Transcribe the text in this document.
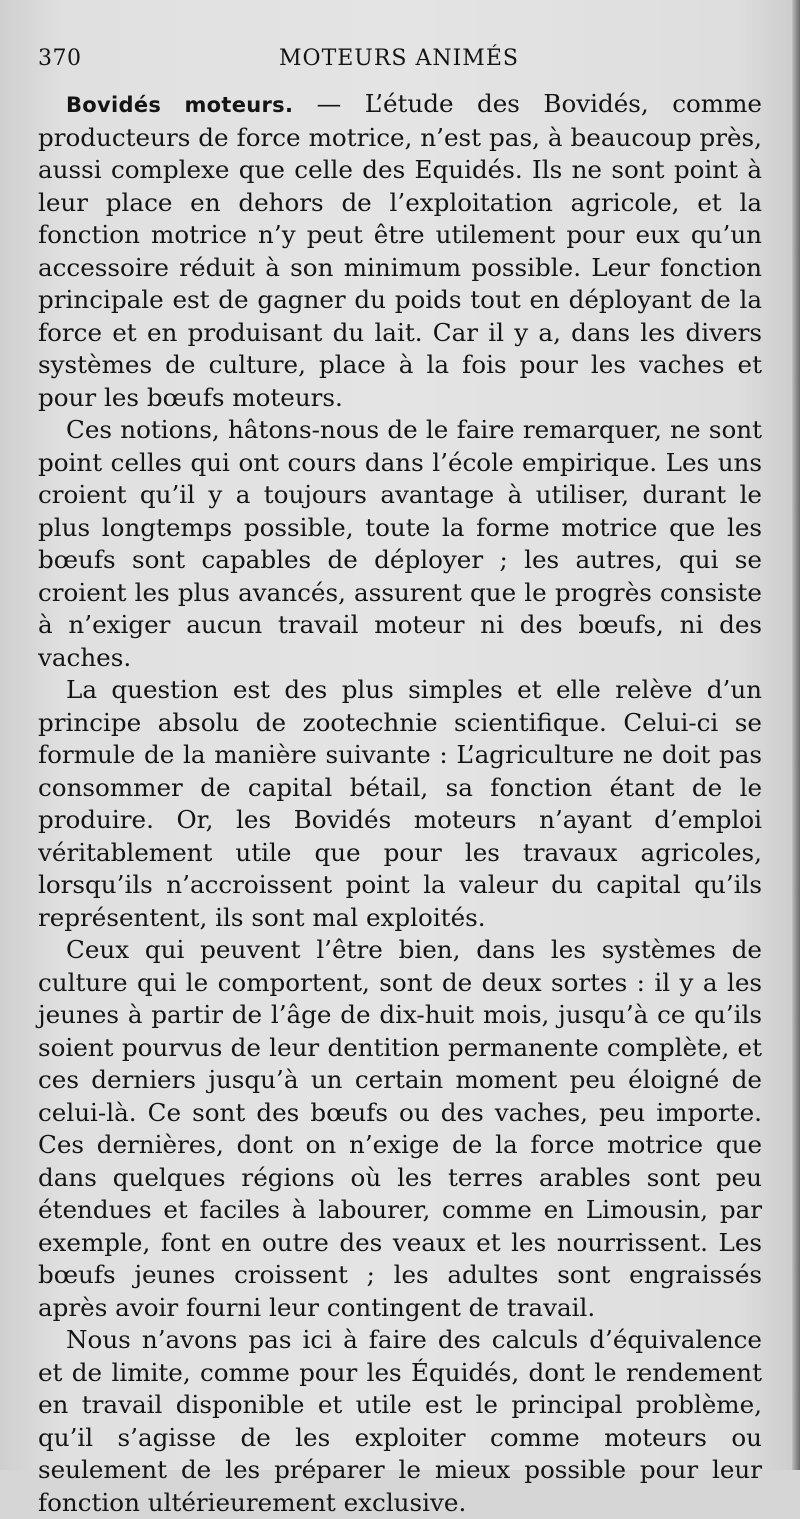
370	MOTEURS ANIMÉS

Bovidés moteurs. — L’étude des Bovidés, comme producteurs de force motrice, n’est pas, à beaucoup près, aussi complexe que celle des Equidés. Ils ne sont point à leur place en dehors de l’exploitation agricole, et la fonction motrice n’y peut être utilement pour eux qu’un accessoire réduit à son minimum possible. Leur fonction principale est de gagner du poids tout en déployant de la force et en produisant du lait. Car il y a, dans les divers systèmes de culture, place à la fois pour les vaches et pour les bœufs moteurs.

Ces notions, hâtons-nous de le faire remarquer, ne sont point celles qui ont cours dans l’école empirique. Les uns croient qu’il y a toujours avantage à utiliser, durant le plus longtemps possible, toute la forme motrice que les bœufs sont capables de déployer ; les autres, qui se croient les plus avancés, assurent que le progrès consiste à n’exiger aucun travail moteur ni des bœufs, ni des vaches.

La question est des plus simples et elle relève d’un principe absolu de zootechnie scientifique. Celui-ci se formule de la manière suivante : L’agriculture ne doit pas consommer de capital bétail, sa fonction étant de le produire. Or, les Bovidés moteurs n’ayant d’emploi véritablement utile que pour les travaux agricoles, lorsqu’ils n’accroissent point la valeur du capital qu’ils représentent, ils sont mal exploités.

Ceux qui peuvent l’être bien, dans les systèmes de culture qui le comportent, sont de deux sortes : il y a les jeunes à partir de l’âge de dix-huit mois, jusqu’à ce qu’ils soient pourvus de leur dentition permanente complète, et ces derniers jusqu’à un certain moment peu éloigné de celui-là. Ce sont des bœufs ou des vaches, peu importe. Ces dernières, dont on n’exige de la force motrice que dans quelques régions où les terres arables sont peu étendues et faciles à labourer, comme en Limousin, par exemple, font en outre des veaux et les nourrissent. Les bœufs jeunes croissent ; les adultes sont engraissés après avoir fourni leur contingent de travail.

Nous n’avons pas ici à faire des calculs d’équivalence et de limite, comme pour les Équidés, dont le rendement en travail disponible et utile est le principal problème, qu’il s’agisse de les exploiter comme moteurs ou seulement de les préparer le mieux possible pour leur fonction ultérieurement exclusive.
